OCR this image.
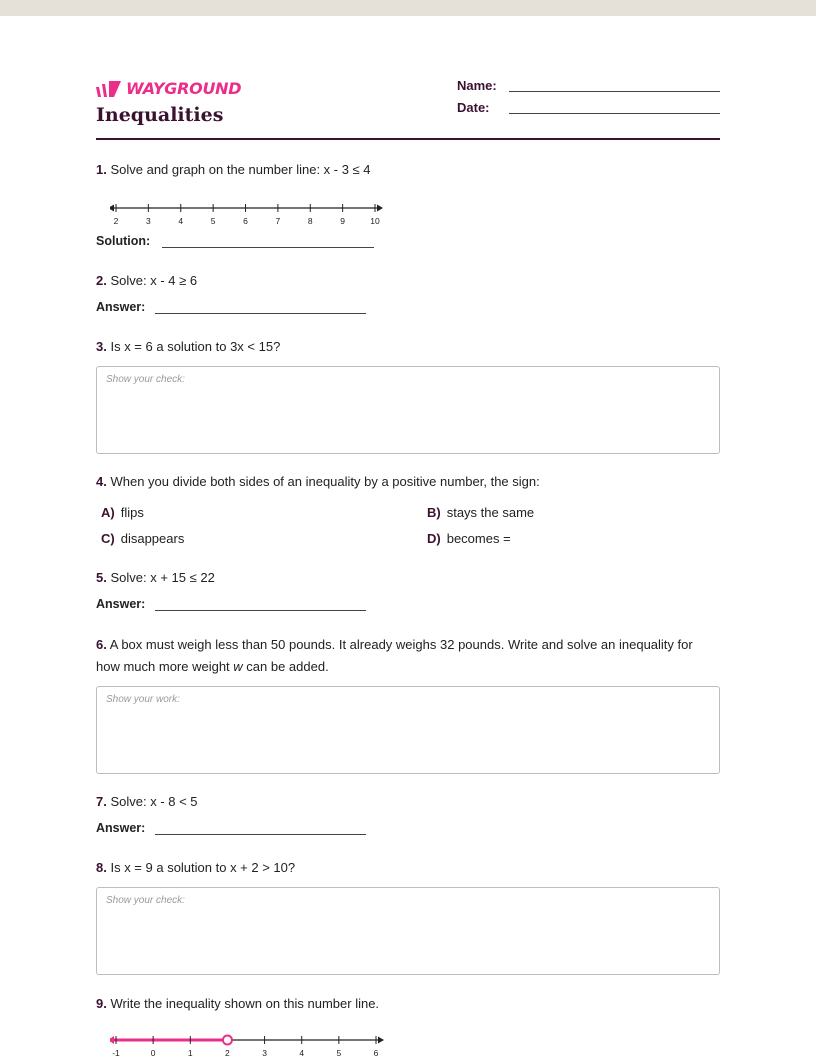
WAYGROUND
Inequalities
Name:
Date:
1. Solve and graph on the number line: x - 3 ≤ 4
2	3	4	5	6	7	8	9	10
Solution:
2. Solve: x - 4 ≥ 6
Answer:
3. Is x = 6 a solution to 3x < 15?
Show your check:
4. When you divide both sides of an inequality by a positive number, the sign:
A) flips	B) stays the same
C) disappears	D) becomes =
5. Solve: x + 15 ≤ 22
Answer:
6. A box must weigh less than 50 pounds. It already weighs 32 pounds. Write and solve an inequality for how much more weight w can be added.
Show your work:
7. Solve: x - 8 < 5
Answer:
8. Is x = 9 a solution to x + 2 > 10?
Show your check:
9. Write the inequality shown on this number line.
-1	0	1	2	3	4	5	6
